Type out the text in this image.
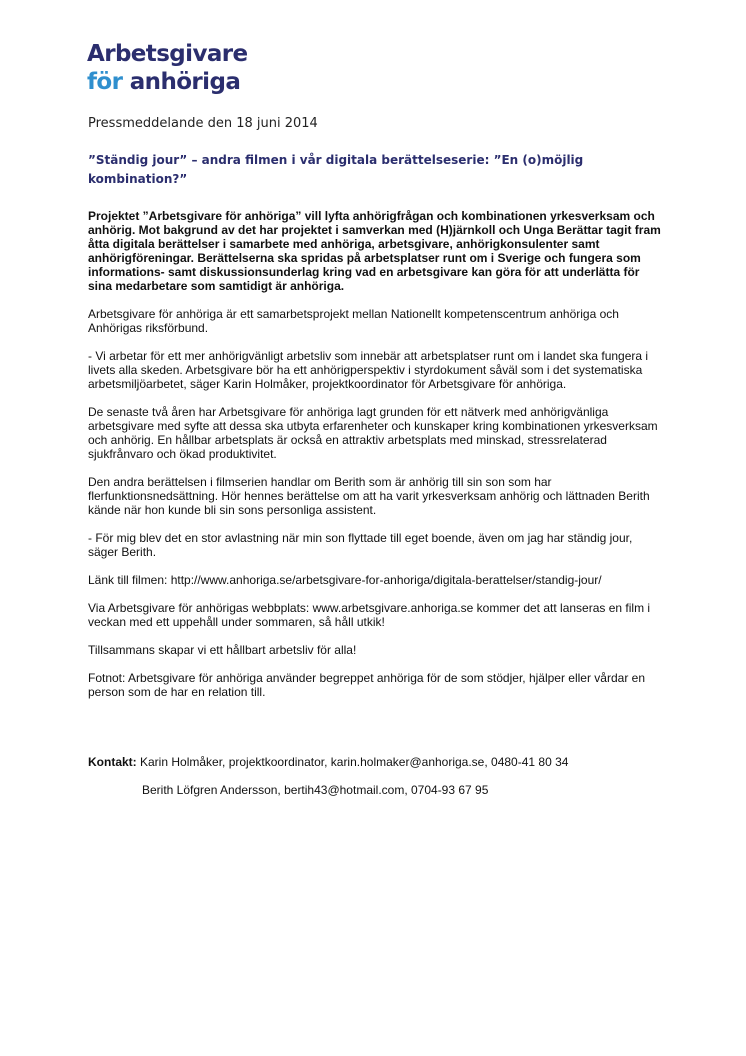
Arbetsgivare
för anhöriga
Pressmeddelande den 18 juni 2014
”Ständig jour” – andra filmen i vår digitala berättelseserie: ”En (o)möjlig kombination?”

Projektet ”Arbetsgivare för anhöriga” vill lyfta anhörigfrågan och kombinationen yrkesverksam och anhörig. Mot bakgrund av det har projektet i samverkan med (H)järnkoll och Unga Berättar tagit fram åtta digitala berättelser i samarbete med anhöriga, arbetsgivare, anhörigkonsulenter samt anhörigföreningar. Berättelserna ska spridas på arbetsplatser runt om i Sverige och fungera som informations- samt diskussionsunderlag kring vad en arbetsgivare kan göra för att underlätta för sina medarbetare som samtidigt är anhöriga.

Arbetsgivare för anhöriga är ett samarbetsprojekt mellan Nationellt kompetenscentrum anhöriga och Anhörigas riksförbund.

- Vi arbetar för ett mer anhörigvänligt arbetsliv som innebär att arbetsplatser runt om i landet ska fungera i livets alla skeden. Arbetsgivare bör ha ett anhörigperspektiv i styrdokument såväl som i det systematiska arbetsmiljöarbetet, säger Karin Holmåker, projektkoordinator för Arbetsgivare för anhöriga.

De senaste två åren har Arbetsgivare för anhöriga lagt grunden för ett nätverk med anhörigvänliga arbetsgivare med syfte att dessa ska utbyta erfarenheter och kunskaper kring kombinationen yrkesverksam och anhörig. En hållbar arbetsplats är också en attraktiv arbetsplats med minskad, stressrelaterad sjukfrånvaro och ökad produktivitet.

Den andra berättelsen i filmserien handlar om Berith som är anhörig till sin son som har flerfunktionsnedsättning. Hör hennes berättelse om att ha varit yrkesverksam anhörig och lättnaden Berith kände när hon kunde bli sin sons personliga assistent.

- För mig blev det en stor avlastning när min son flyttade till eget boende, även om jag har ständig jour, säger Berith.

Länk till filmen: http://www.anhoriga.se/arbetsgivare-for-anhoriga/digitala-berattelser/standig-jour/

Via Arbetsgivare för anhörigas webbplats: www.arbetsgivare.anhoriga.se kommer det att lanseras en film i veckan med ett uppehåll under sommaren, så håll utkik!

Tillsammans skapar vi ett hållbart arbetsliv för alla!

Fotnot: Arbetsgivare för anhöriga använder begreppet anhöriga för de som stödjer, hjälper eller vårdar en person som de har en relation till.

Kontakt: Karin Holmåker, projektkoordinator, karin.holmaker@anhoriga.se, 0480-41 80 34

Berith Löfgren Andersson, bertih43@hotmail.com, 0704-93 67 95
